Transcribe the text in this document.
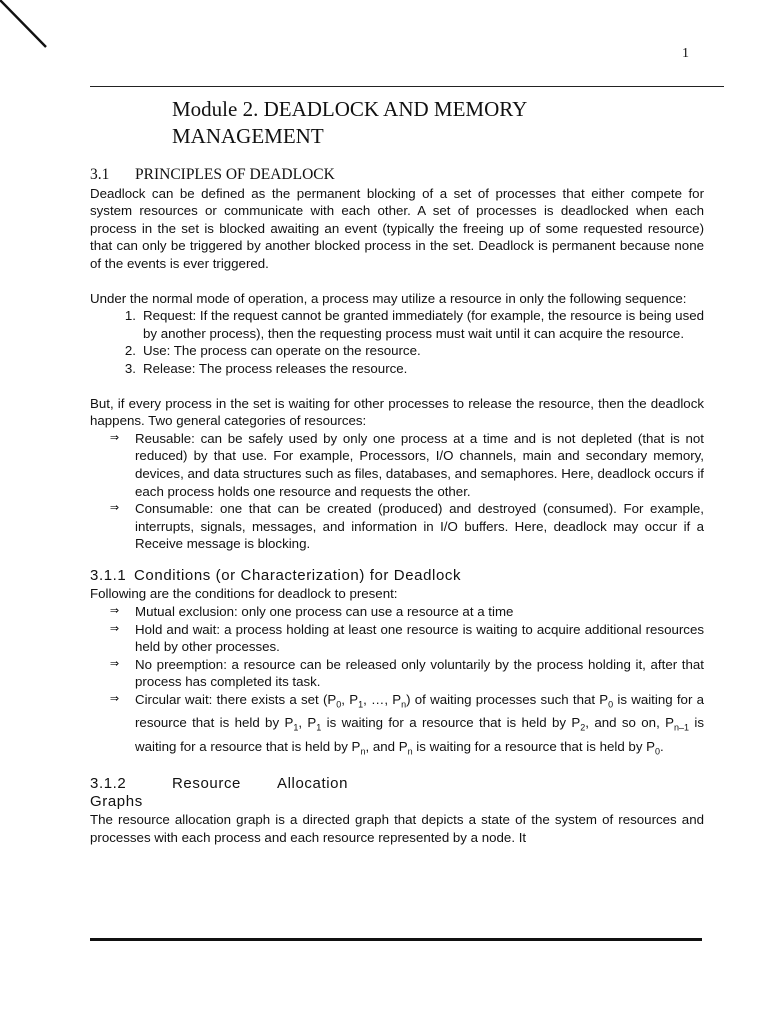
1
Module 2. DEADLOCK AND MEMORY
MANAGEMENT
3.1	PRINCIPLES OF DEADLOCK

Deadlock can be defined as the permanent blocking of a set of processes that either compete for system resources or communicate with each other. A set of processes is deadlocked when each process in the set is blocked awaiting an event (typically the freeing up of some requested resource) that can only be triggered by another blocked process in the set. Deadlock is permanent because none of the events is ever triggered.

Under the normal mode of operation, a process may utilize a resource in only the following sequence:

1. Request: If the request cannot be granted immediately (for example, the resource is being used by another process), then the requesting process must wait until it can acquire the resource.
2. Use: The process can operate on the resource.
3. Release: The process releases the resource.

But, if every process in the set is waiting for other processes to release the resource, then the deadlock happens. Two general categories of resources:

⇒	Reusable: can be safely used by only one process at a time and is not depleted (that is not reduced) by that use. For example, Processors, I/O channels, main and secondary memory, devices, and data structures such as files, databases, and semaphores. Here, deadlock occurs if each process holds one resource and requests the other.
⇒	Consumable: one that can be created (produced) and destroyed (consumed). For example, interrupts, signals, messages, and information in I/O buffers. Here, deadlock may occur if a Receive message is blocking.
3.1.1 Conditions (or Characterization) for Deadlock

Following are the conditions for deadlock to present:

⇒	Mutual exclusion: only one process can use a resource at a time
⇒	Hold and wait: a process holding at least one resource is waiting to acquire additional resources held by other processes.
⇒	No preemption: a resource can be released only voluntarily by the process holding it, after that process has completed its task.
⇒	Circular wait: there exists a set ($P_0$, $P_1$, …, $P_n$) of waiting processes such that $P_0$ is waiting for a resource that is held by $P_1$, $P_1$ is waiting for a resource that is held by $P_2$, and so on, $P_{n-1}$ is waiting for a resource that is held by $P_n$, and $P_n$ is waiting for a resource that is held by $P_0$.
3.1.2	Resource Allocation
Graphs

The resource allocation graph is a directed graph that depicts a state of the system of resources and processes with each process and each resource represented by a node. It
